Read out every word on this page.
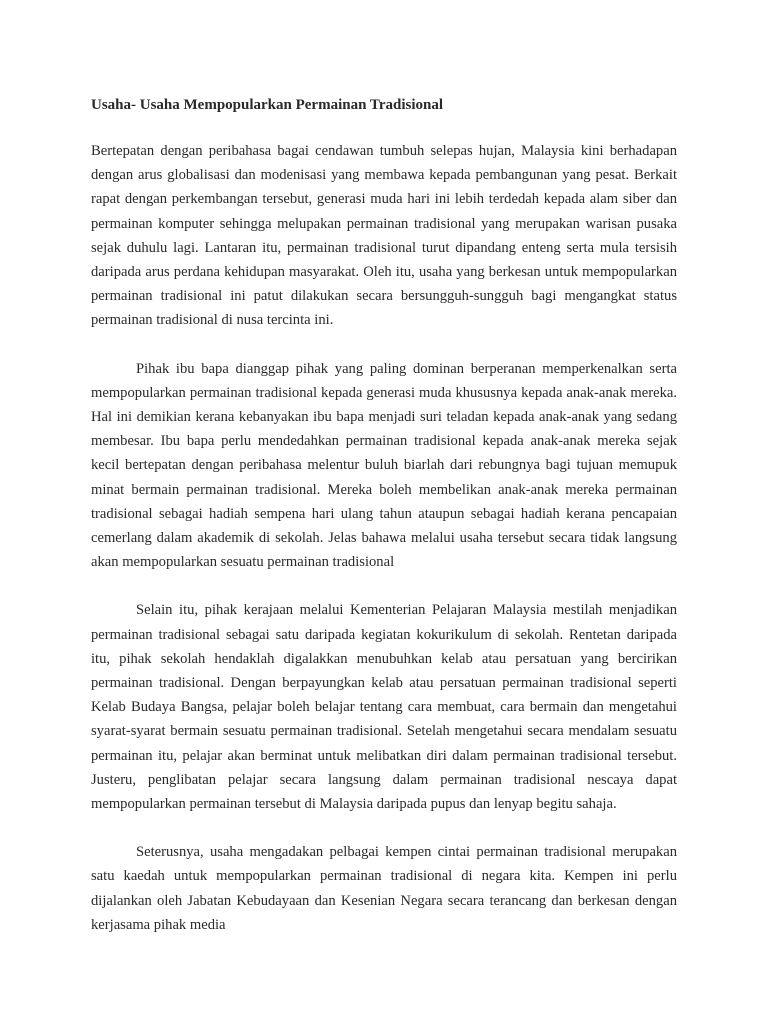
Usaha- Usaha Mempopularkan Permainan Tradisional

Bertepatan dengan peribahasa bagai cendawan tumbuh selepas hujan, Malaysia kini berhadapan dengan arus globalisasi dan modenisasi yang membawa kepada pembangunan yang pesat. Berkait rapat dengan perkembangan tersebut, generasi muda hari ini lebih terdedah kepada alam siber dan permainan komputer sehingga melupakan permainan tradisional yang merupakan warisan pusaka sejak duhulu lagi. Lantaran itu, permainan tradisional turut dipandang enteng serta mula tersisih daripada arus perdana kehidupan masyarakat. Oleh itu, usaha yang berkesan untuk mempopularkan permainan tradisional ini patut dilakukan secara bersungguh-sungguh bagi mengangkat status permainan tradisional di nusa tercinta ini.

Pihak ibu bapa dianggap pihak yang paling dominan berperanan memperkenalkan serta mempopularkan permainan tradisional kepada generasi muda khususnya kepada anak-anak mereka. Hal ini demikian kerana kebanyakan ibu bapa menjadi suri teladan kepada anak-anak yang sedang membesar. Ibu bapa perlu mendedahkan permainan tradisional kepada anak-anak mereka sejak kecil bertepatan dengan peribahasa melentur buluh biarlah dari rebungnya bagi tujuan memupuk minat bermain permainan tradisional. Mereka boleh membelikan anak-anak mereka permainan tradisional sebagai hadiah sempena hari ulang tahun ataupun sebagai hadiah kerana pencapaian cemerlang dalam akademik di sekolah. Jelas bahawa melalui usaha tersebut secara tidak langsung akan mempopularkan sesuatu permainan tradisional

Selain itu, pihak kerajaan melalui Kementerian Pelajaran Malaysia mestilah menjadikan permainan tradisional sebagai satu daripada kegiatan kokurikulum di sekolah. Rentetan daripada itu, pihak sekolah hendaklah digalakkan menubuhkan kelab atau persatuan yang bercirikan permainan tradisional. Dengan berpayungkan kelab atau persatuan permainan tradisional seperti Kelab Budaya Bangsa, pelajar boleh belajar tentang cara membuat, cara bermain dan mengetahui syarat-syarat bermain sesuatu permainan tradisional. Setelah mengetahui secara mendalam sesuatu permainan itu, pelajar akan berminat untuk melibatkan diri dalam permainan tradisional tersebut. Justeru, penglibatan pelajar secara langsung dalam permainan tradisional nescaya dapat mempopularkan permainan tersebut di Malaysia daripada pupus dan lenyap begitu sahaja.

Seterusnya, usaha mengadakan pelbagai kempen cintai permainan tradisional merupakan satu kaedah untuk mempopularkan permainan tradisional di negara kita. Kempen ini perlu dijalankan oleh Jabatan Kebudayaan dan Kesenian Negara secara terancang dan berkesan dengan kerjasama pihak media
